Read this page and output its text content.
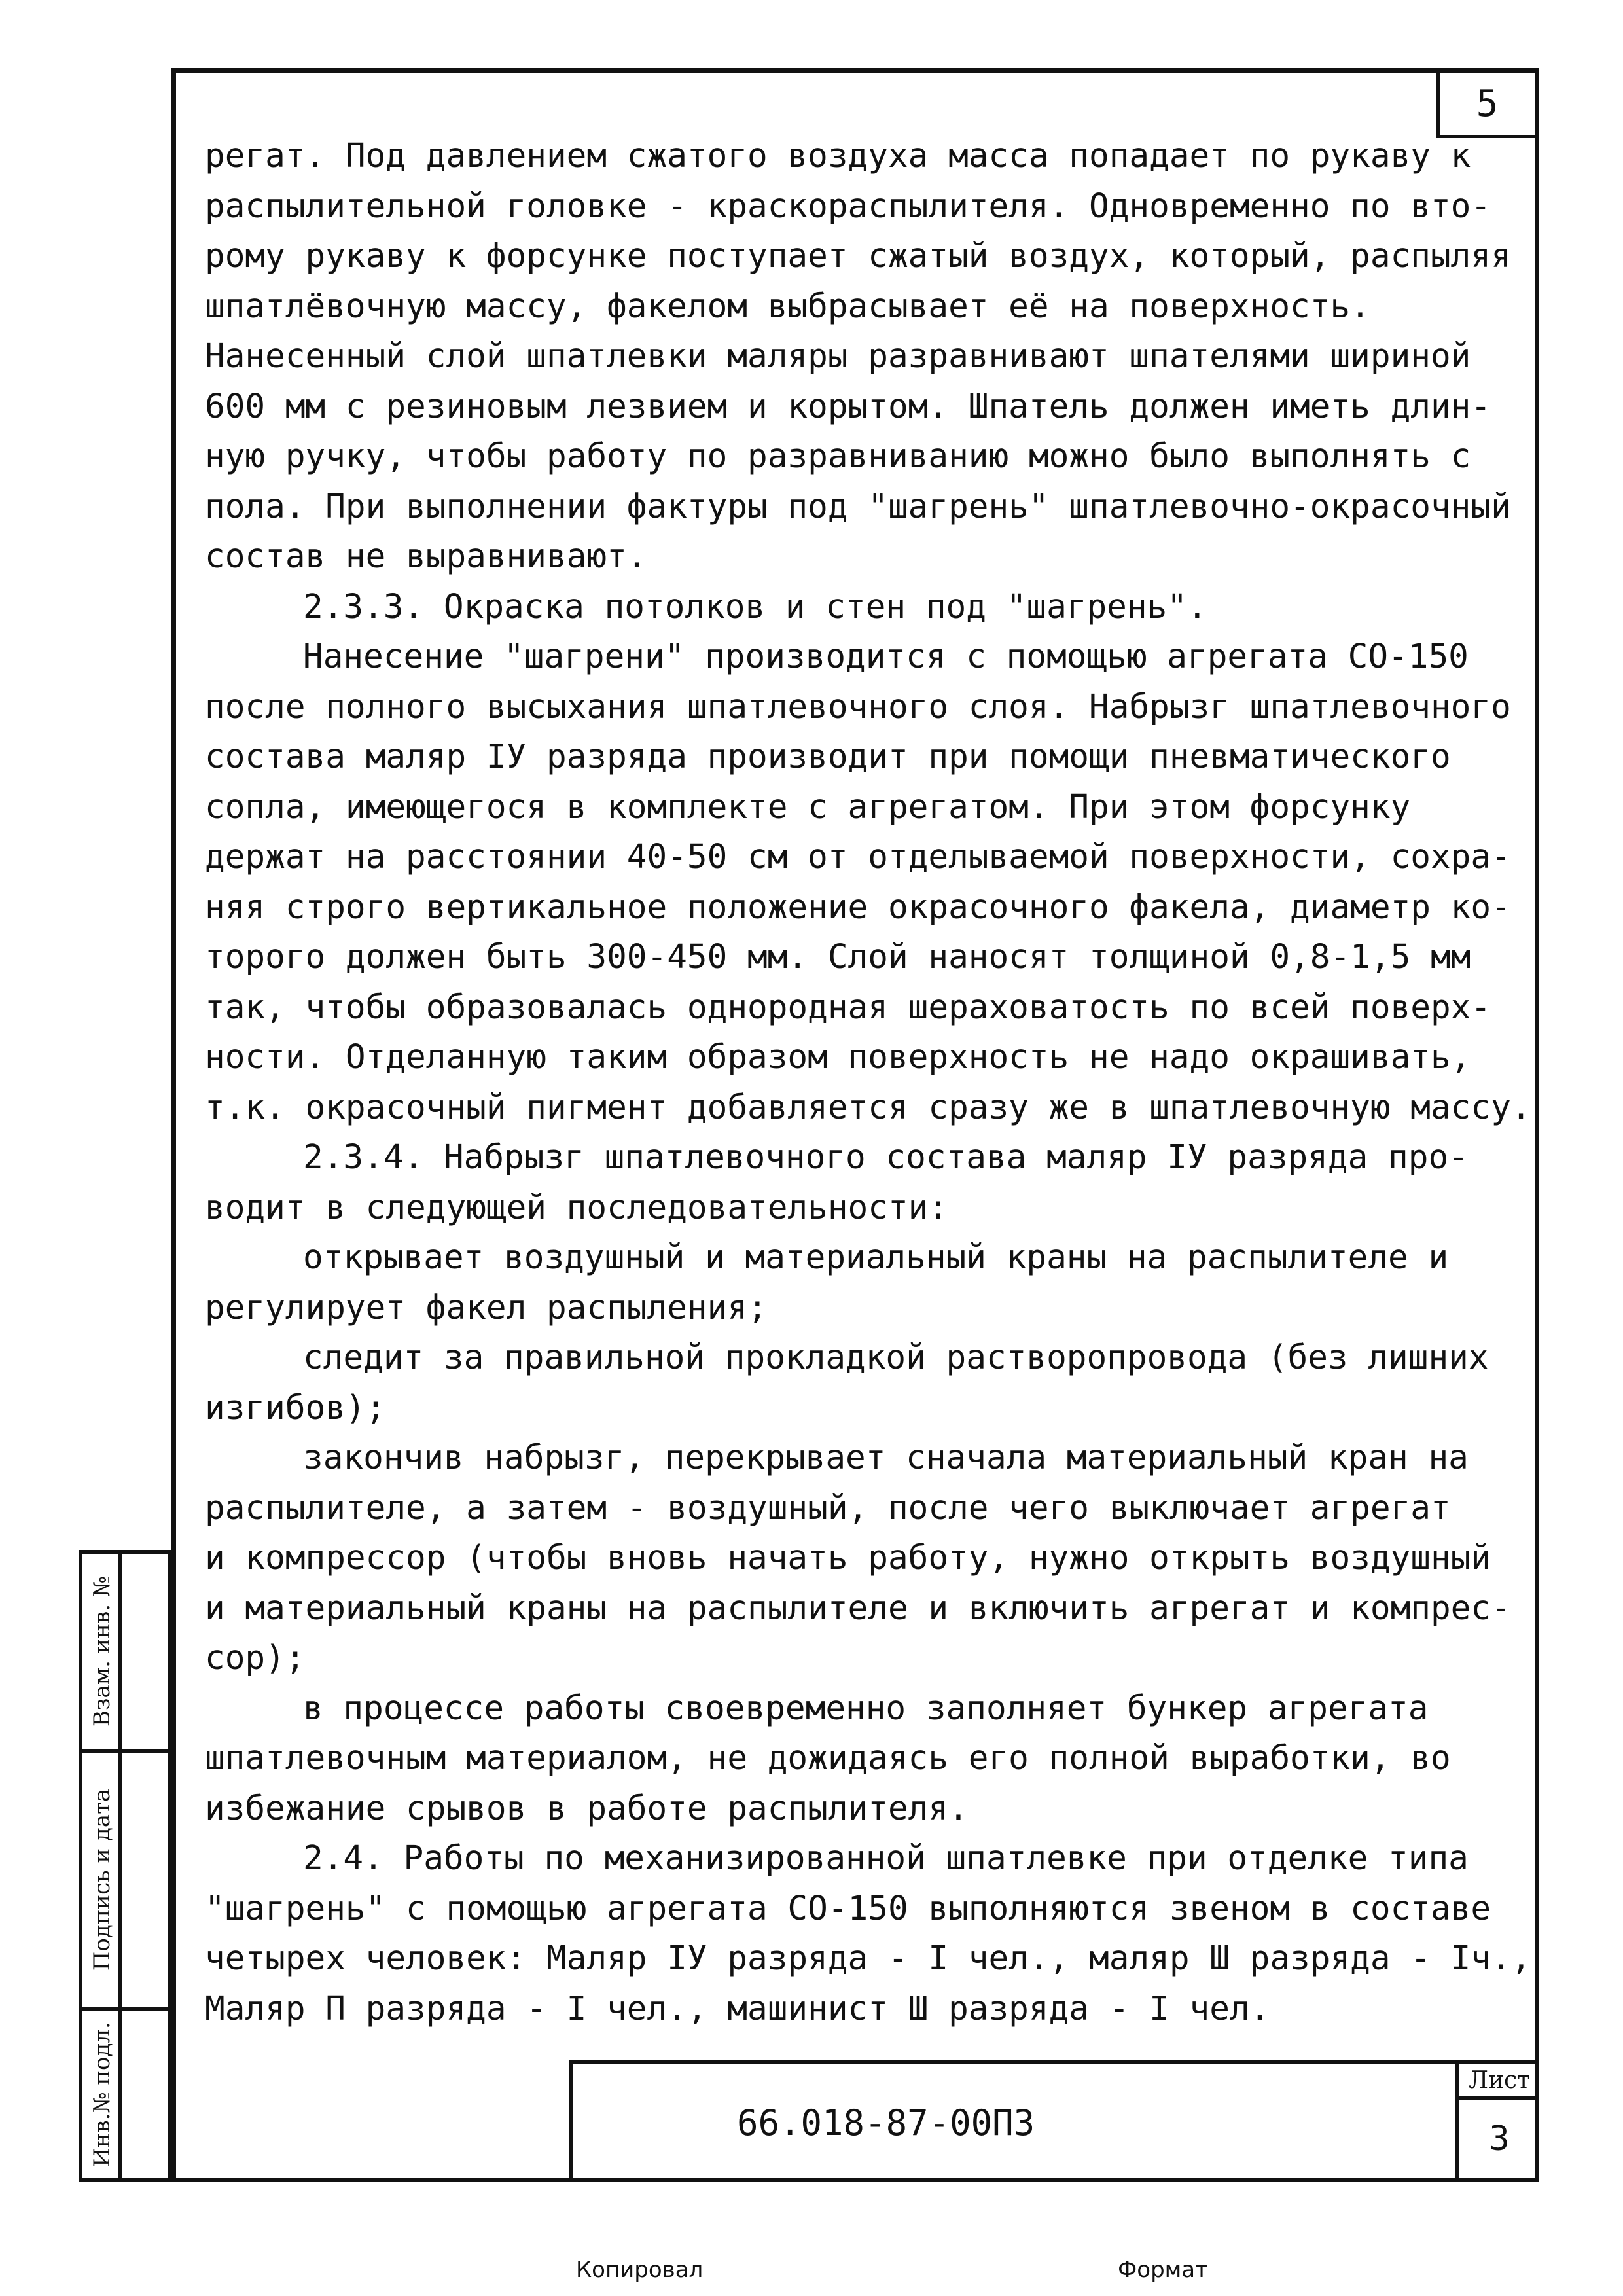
5
регат. Под давлением сжатого воздуха масса попадает по рукаву к
распылительной головке - краскораспылителя. Одновременно по вто-
рому рукаву к форсунке поступает сжатый воздух, который, распыляя
шпатлёвочную массу, факелом выбрасывает её на поверхность.
Нанесенный слой шпатлевки маляры разравнивают шпателями шириной
600 мм с резиновым лезвием и корытом. Шпатель должен иметь длин-
ную ручку, чтобы работу по разравниванию можно было выполнять с
пола. При выполнении фактуры под "шагрень" шпатлевочно-окрасочный
состав не выравнивают.
2.3.3. Окраска потолков и стен под "шагрень".
Нанесение "шагрени" производится с помощью агрегата СО-150
после полного высыхания шпатлевочного слоя. Набрызг шпатлевочного
состава маляр IУ разряда производит при помощи пневматического
сопла, имеющегося в комплекте с агрегатом. При этом форсунку
держат на расстоянии 40-50 см от отделываемой поверхности, сохра-
няя строго вертикальное положение окрасочного факела, диаметр ко-
торого должен быть 300-450 мм. Слой наносят толщиной 0,8-1,5 мм
так, чтобы образовалась однородная шераховатость по всей поверх-
ности. Отделанную таким образом поверхность не надо окрашивать,
т.к. окрасочный пигмент добавляется сразу же в шпатлевочную массу.
2.3.4. Набрызг шпатлевочного состава маляр IУ разряда про-
водит в следующей последовательности:
открывает воздушный и материальный краны на распылителе и
регулирует факел распыления;
следит за правильной прокладкой растворопровода (без лишних
изгибов);
закончив набрызг, перекрывает сначала материальный кран на
распылителе, а затем - воздушный, после чего выключает агрегат
и компрессор (чтобы вновь начать работу, нужно открыть воздушный
и материальный краны на распылителе и включить агрегат и компрес-
сор);
в процессе работы своевременно заполняет бункер агрегата
шпатлевочным материалом, не дожидаясь его полной выработки, во
избежание срывов в работе распылителя.
2.4. Работы по механизированной шпатлевке при отделке типа
"шагрень" с помощью агрегата СО-150 выполняются звеном в составе
четырех человек: Маляр IУ разряда - I чел., маляр Ш разряда - Iч.,
Маляр П разряда - I чел., машинист Ш разряда - I чел.
66.018-87-00ПЗ
Лист
3
Взам. инв. №
Подпись и дата
Инв.№ подл.
Копировал	Формат
